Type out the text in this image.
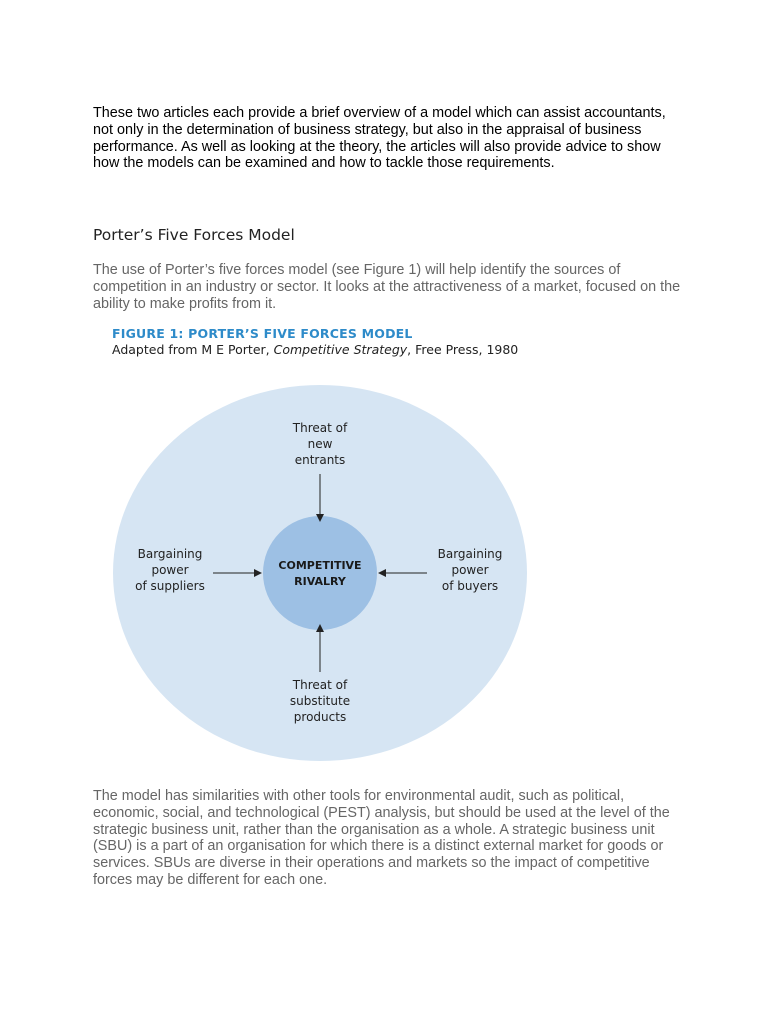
These two articles each provide a brief overview of a model which can assist accountants, not only in the determination of business strategy, but also in the appraisal of business performance. As well as looking at the theory, the articles will also provide advice to show how the models can be examined and how to tackle those requirements.

Porter’s Five Forces Model

The use of Porter’s five forces model (see Figure 1) will help identify the sources of competition in an industry or sector. It looks at the attractiveness of a market, focused on the ability to make profits from it.

FIGURE 1: PORTER’S FIVE FORCES MODEL
Adapted from M E Porter, Competitive Strategy, Free Press, 1980
COMPETITIVE
RIVALRY
Threat of
new
entrants
Bargaining
power
of suppliers
Bargaining
power
of buyers
Threat of
substitute
products

The model has similarities with other tools for environmental audit, such as political, economic, social, and technological (PEST) analysis, but should be used at the level of the strategic business unit, rather than the organisation as a whole. A strategic business unit (SBU) is a part of an organisation for which there is a distinct external market for goods or services. SBUs are diverse in their operations and markets so the impact of competitive forces may be different for each one.
